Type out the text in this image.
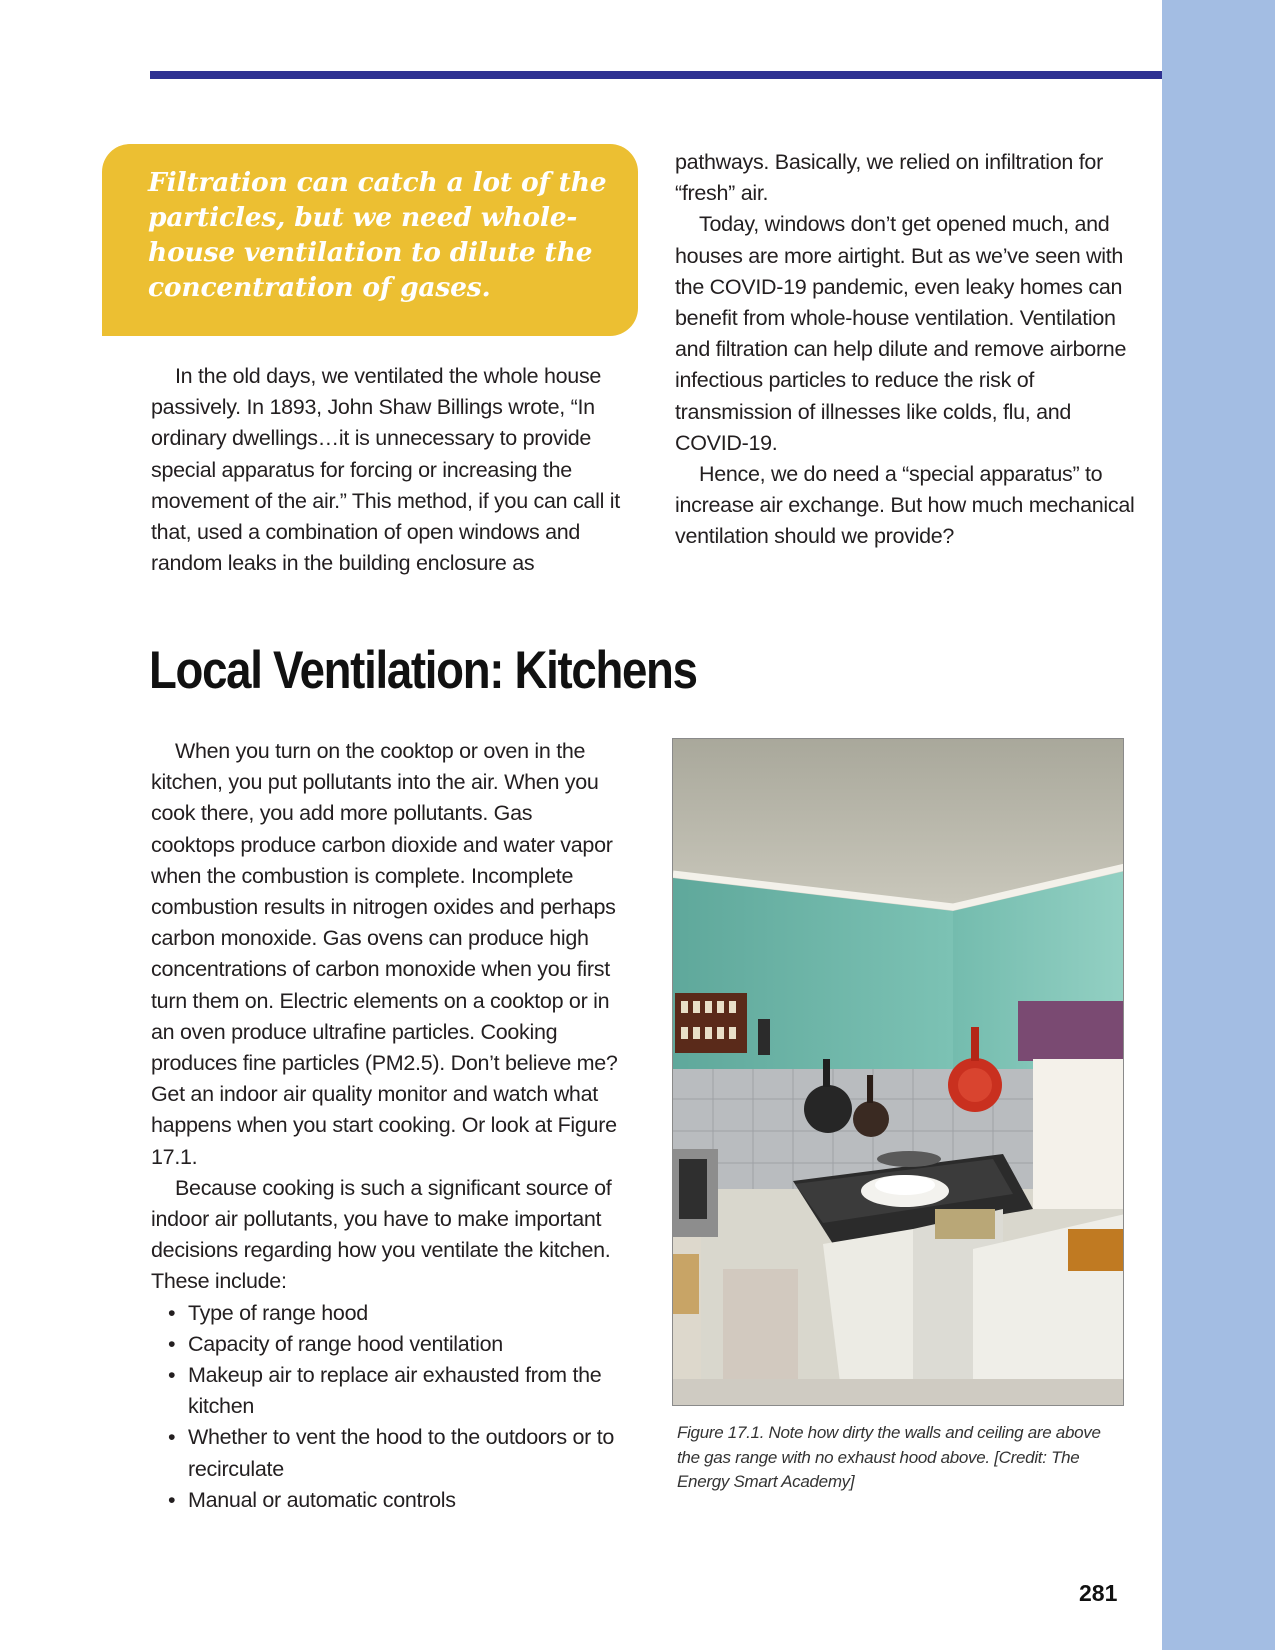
Filtration can catch a lot of the particles, but we need whole-house ventilation to dilute the concentration of gases.

In the old days, we ventilated the whole house passively. In 1893, John Shaw Billings wrote, “In ordinary dwellings…it is unnecessary to provide special apparatus for forcing or increasing the movement of the air.” This method, if you can call it that, used a combination of open windows and random leaks in the building enclosure as

pathways. Basically, we relied on infiltration for “fresh” air.

Today, windows don’t get opened much, and houses are more airtight. But as we’ve seen with the COVID-19 pandemic, even leaky homes can benefit from whole-house ventilation. Ventilation and filtration can help dilute and remove airborne infectious particles to reduce the risk of transmission of illnesses like colds, flu, and COVID-19.

Hence, we do need a “special apparatus” to increase air exchange. But how much mechanical ventilation should we provide?

Local Ventilation: Kitchens

When you turn on the cooktop or oven in the kitchen, you put pollutants into the air. When you cook there, you add more pollutants. Gas cooktops produce carbon dioxide and water vapor when the combustion is complete. Incomplete combustion results in nitrogen oxides and perhaps carbon monoxide. Gas ovens can produce high concentrations of carbon monoxide when you first turn them on. Electric elements on a cooktop or in an oven produce ultrafine particles. Cooking produces fine particles (PM2.5). Don’t believe me? Get an indoor air quality monitor and watch what happens when you start cooking. Or look at Figure 17.1.

Because cooking is such a significant source of indoor air pollutants, you have to make important decisions regarding how you ventilate the kitchen. These include:

• Type of range hood
• Capacity of range hood ventilation
• Makeup air to replace air exhausted from the kitchen
• Whether to vent the hood to the outdoors or to recirculate
• Manual or automatic controls

Figure 17.1. Note how dirty the walls and ceiling are above the gas range with no exhaust hood above. [Credit: The Energy Smart Academy]

281
